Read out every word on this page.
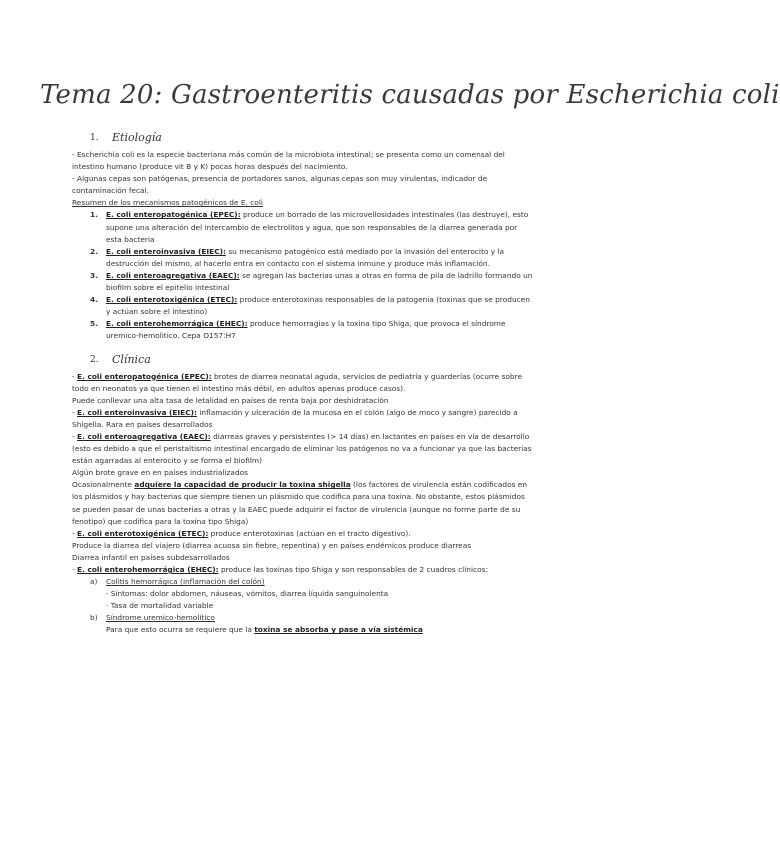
Tema 20: Gastroenteritis causadas por Escherichia coli
1.	Etiología

- Escherichia coli es la especie bacteriana más común de la microbiota intestinal; se presenta como un comensal del intestino humano (produce vit B y K) pocas horas después del nacimiento.

- Algunas cepas son patógenas, presencia de portadores sanos, algunas cepas son muy virulentas, indicador de contaminación fecal.

Resumen de los mecanismos patogénicos de E. coli

1.	E. coli enteropatogénica (EPEC): produce un borrado de las microvellosidades intestinales (las destruye), esto supone una alteración del intercambio de electrolitos y agua, que son responsables de la diarrea generada por esta bacteria
2.	E. coli enteroinvasiva (EIEC): su mecanismo patogénico está mediado por la invasión del enterocito y la destrucción del mismo, al hacerlo entra en contacto con el sistema inmune y produce más inflamación.
3.	E. coli enteroagregativa (EAEC): se agregan las bacterias unas a otras en forma de pila de ladrillo formando un biofilm sobre el epitelio intestinal
4.	E. coli enterotoxigénica (ETEC): produce enterotoxinas responsables de la patogenia (toxinas que se producen y actúan sobre el intestino)
5.	E. coli enterohemorrágica (EHEC): produce hemorragias y la toxina tipo Shiga, que provoca el síndrome uremico-hemolitico. Cepa O157:H7
2.	Clínica

- E. coli enteropatogénica (EPEC): brotes de diarrea neonatal aguda, servicios de pediatría y guarderías (ocurre sobre todo en neonatos ya que tienen el intestino más débil, en adultos apenas produce casos).

Puede conllevar una alta tasa de letalidad en países de renta baja por deshidratación

- E. coli enteroinvasiva (EIEC): inflamación y ulceración de la mucosa en el colón (algo de moco y sangre) parecido a Shigella. Rara en países desarrollados

- E. coli enteroagregativa (EAEC): diarreas graves y persistentes (> 14 días) en lactantes en países en vía de desarrollo (esto es debido a que el peristaltismo intestinal encargado de eliminar los patógenos no va a funcionar ya que las bacterias están agarradas al enterocito y se forma el biofilm)

Algún brote grave en en países industrializados

Ocasionalmente adquiere la capacidad de producir la toxina shigella (los factores de virulencia están codificados en los plásmidos y hay bacterias que siempre tienen un plásmido que codifica para una toxina. No obstante, estos plásmidos se pueden pasar de unas bacterias a otras y la EAEC puede adquirir el factor de virulencia (aunque no forme parte de su fenotipo) que codifica para la toxina tipo Shiga)

- E. coli enterotoxigénica (ETEC): produce enterotoxinas (actúan en el tracto digestivo).

Produce la diarrea del viajero (diarrea acuosa sin fiebre, repentina) y en países endémicos produce diarreas

Diarrea infantil en países subdesarrollados

- E. coli enterohemorrágica (EHEC): produce las toxinas tipo Shiga y son responsables de 2 cuadros clínicos:

a)	Colitis hemorrágica (inflamación del colón)

· Síntomas: dolor abdomen, náuseas, vómitos, diarrea líquida sanguinolenta

· Tasa de mortalidad variable

b)	Síndrome uremico-hemolítico

Para que esto ocurra se requiere que la toxina se absorba y pase a vía sistémica
